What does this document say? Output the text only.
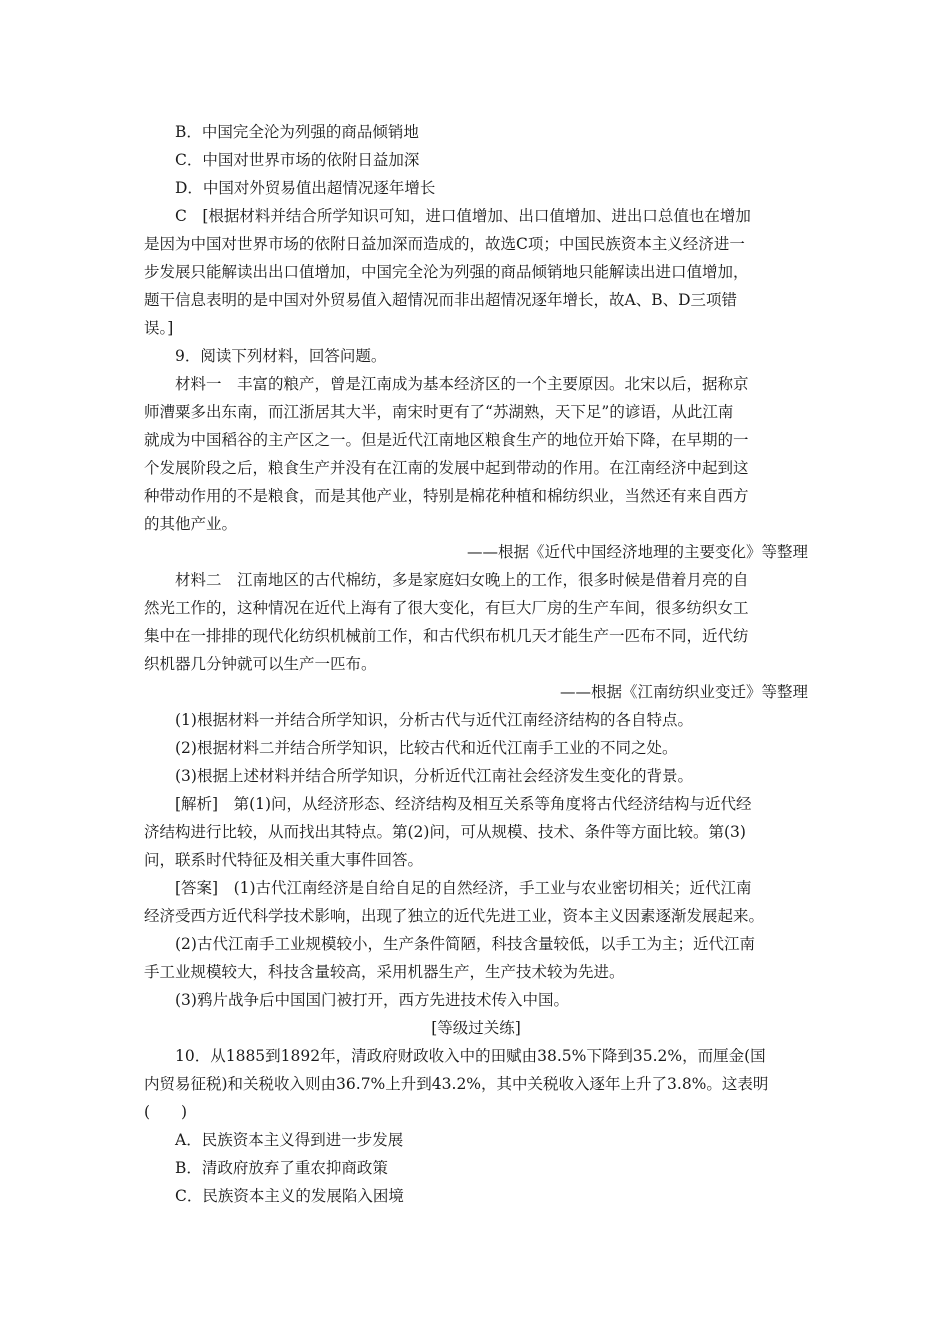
B．中国完全沦为列强的商品倾销地
C．中国对世界市场的依附日益加深
D．中国对外贸易值出超情况逐年增长
C　[根据材料并结合所学知识可知，进口值增加、出口值增加、进出口总值也在增加
是因为中国对世界市场的依附日益加深而造成的，故选C项；中国民族资本主义经济进一
步发展只能解读出出口值增加，中国完全沦为列强的商品倾销地只能解读出进口值增加，
题干信息表明的是中国对外贸易值入超情况而非出超情况逐年增长，故A、B、D三项错
误。]
9．阅读下列材料，回答问题。
材料一　丰富的粮产，曾是江南成为基本经济区的一个主要原因。北宋以后，据称京
师漕粟多出东南，而江浙居其大半，南宋时更有了“苏湖熟，天下足”的谚语，从此江南
就成为中国稻谷的主产区之一。但是近代江南地区粮食生产的地位开始下降，在早期的一
个发展阶段之后，粮食生产并没有在江南的发展中起到带动的作用。在江南经济中起到这
种带动作用的不是粮食，而是其他产业，特别是棉花种植和棉纺织业，当然还有来自西方
的其他产业。
——根据《近代中国经济地理的主要变化》等整理
材料二　江南地区的古代棉纺，多是家庭妇女晚上的工作，很多时候是借着月亮的自
然光工作的，这种情况在近代上海有了很大变化，有巨大厂房的生产车间，很多纺织女工
集中在一排排的现代化纺织机械前工作，和古代织布机几天才能生产一匹布不同，近代纺
织机器几分钟就可以生产一匹布。
——根据《江南纺织业变迁》等整理
(1)根据材料一并结合所学知识，分析古代与近代江南经济结构的各自特点。
(2)根据材料二并结合所学知识，比较古代和近代江南手工业的不同之处。
(3)根据上述材料并结合所学知识，分析近代江南社会经济发生变化的背景。
[解析]　第(1)问，从经济形态、经济结构及相互关系等角度将古代经济结构与近代经
济结构进行比较，从而找出其特点。第(2)问，可从规模、技术、条件等方面比较。第(3)
问，联系时代特征及相关重大事件回答。
[答案]　(1)古代江南经济是自给自足的自然经济，手工业与农业密切相关；近代江南
经济受西方近代科学技术影响，出现了独立的近代先进工业，资本主义因素逐渐发展起来。
(2)古代江南手工业规模较小，生产条件简陋，科技含量较低，以手工为主；近代江南
手工业规模较大，科技含量较高，采用机器生产，生产技术较为先进。
(3)鸦片战争后中国国门被打开，西方先进技术传入中国。
[等级过关练]
10．从1885到1892年，清政府财政收入中的田赋由38.5%下降到35.2%，而厘金(国
内贸易征税)和关税收入则由36.7%上升到43.2%，其中关税收入逐年上升了3.8%。这表明
(　　)
A．民族资本主义得到进一步发展
B．清政府放弃了重农抑商政策
C．民族资本主义的发展陷入困境
